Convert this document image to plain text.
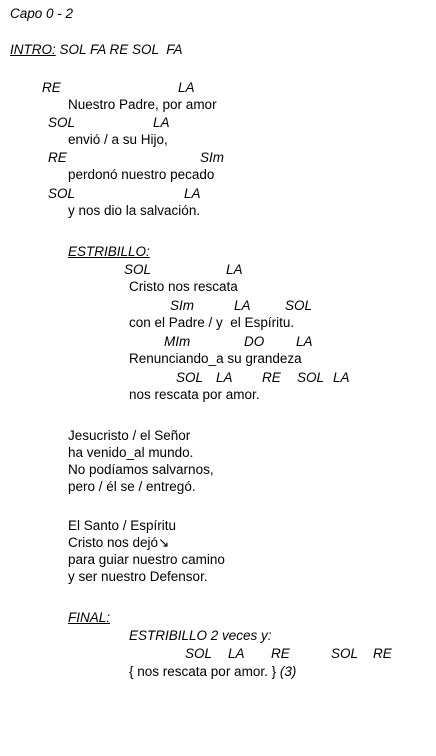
Capo 0 - 2
INTRO: SOL FA RE SOL  FA
RE	LA
Nuestro Padre, por amor
SOL	LA
envió / a su Hijo,
RE	SIm
perdonó nuestro pecado
SOL	LA
y nos dio la salvación.
ESTRIBILLO:
SOL	LA
Cristo nos rescata
SIm	LA	SOL
con el Padre / y  el Espíritu.
MIm	DO LA
Renunciando_a su grandeza
SOL LA RE SOL LA
nos rescata por amor.
Jesucristo / el Señor
ha venido_al mundo.
No podíamos salvarnos,
pero / él se / entregó.
El Santo / Espíritu
Cristo nos dejó↘
para guiar nuestro camino
y ser nuestro Defensor.
FINAL:
ESTRIBILLO 2 veces y:
SOL LA RE	SOL RE
{ nos rescata por amor. } (3)
